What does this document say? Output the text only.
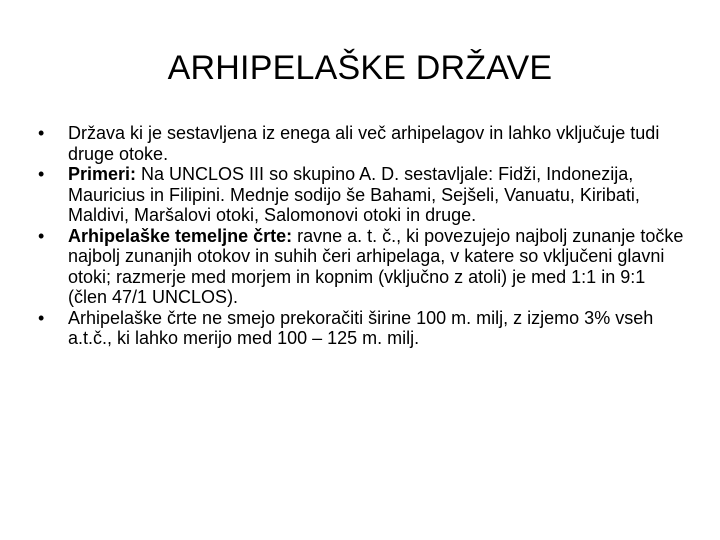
ARHIPELAŠKE DRŽAVE
•	Država ki je sestavljena iz enega ali več arhipelagov in lahko vključuje tudi druge otoke.
•	Primeri: Na UNCLOS III so skupino A. D. sestavljale: Fidži, Indonezija, Mauricius in Filipini. Mednje sodijo še Bahami, Sejšeli, Vanuatu, Kiribati, Maldivi, Maršalovi otoki, Salomonovi otoki in druge.
•	Arhipelaške temeljne črte: ravne a. t. č., ki povezujejo najbolj zunanje točke najbolj zunanjih otokov in suhih čeri arhipelaga, v katere so vključeni glavni otoki; razmerje med morjem in kopnim (vključno z atoli) je med 1:1 in 9:1 (člen 47/1 UNCLOS).
•	Arhipelaške črte ne smejo prekoračiti širine 100 m. milj, z izjemo 3% vseh a.t.č., ki lahko merijo med 100 – 125 m. milj.
